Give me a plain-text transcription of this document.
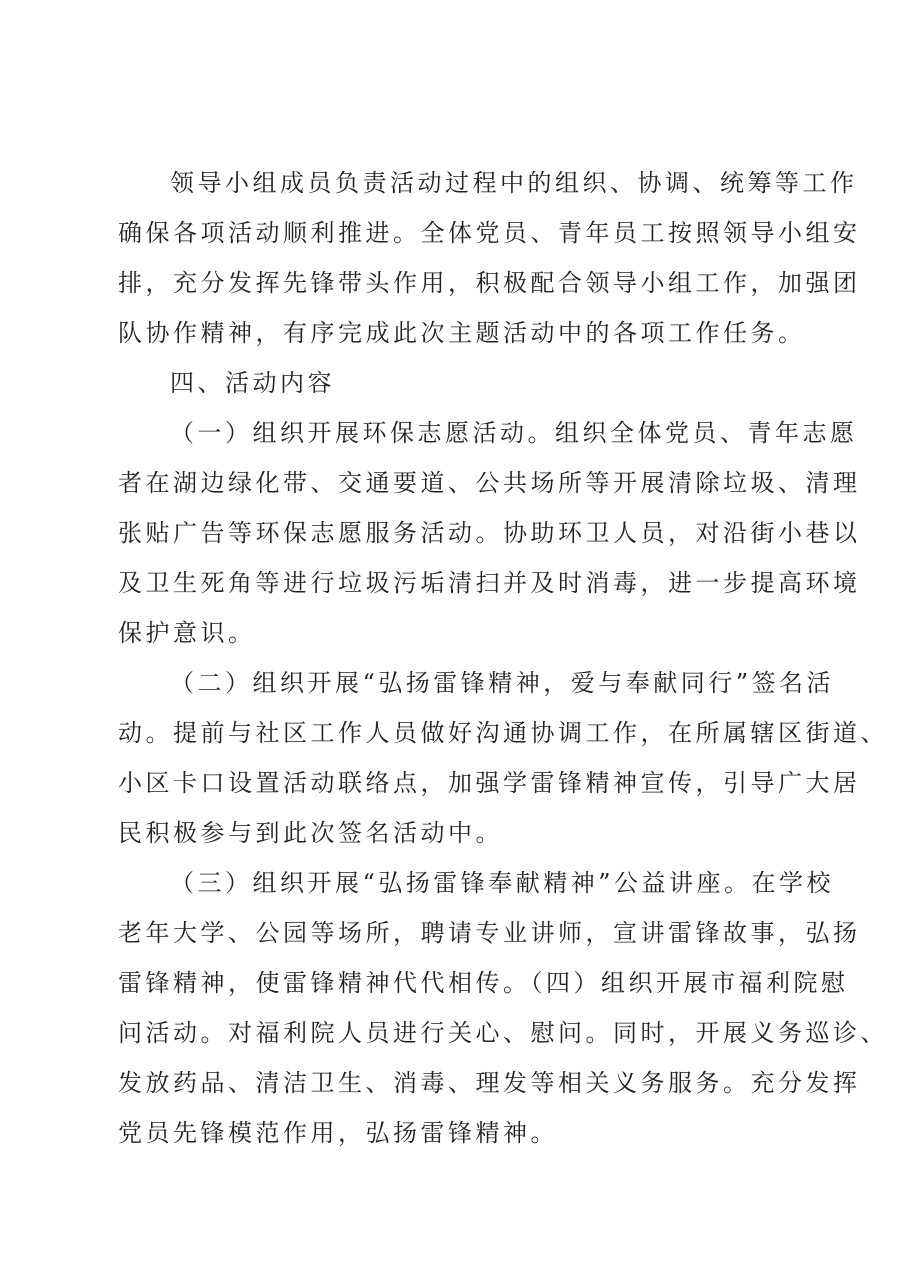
领导小组成员负责活动过程中的组织、协调、统筹等工作
确保各项活动顺利推进。全体党员、青年员工按照领导小组安
排，充分发挥先锋带头作用，积极配合领导小组工作，加强团
队协作精神，有序完成此次主题活动中的各项工作任务。
四、活动内容
（一）组织开展环保志愿活动。组织全体党员、青年志愿
者在湖边绿化带、交通要道、公共场所等开展清除垃圾、清理
张贴广告等环保志愿服务活动。协助环卫人员，对沿街小巷以
及卫生死角等进行垃圾污垢清扫并及时消毒，进一步提高环境
保护意识。
（二）组织开展“弘扬雷锋精神，爱与奉献同行”签名活
动。提前与社区工作人员做好沟通协调工作，在所属辖区街道、
小区卡口设置活动联络点，加强学雷锋精神宣传，引导广大居
民积极参与到此次签名活动中。
（三）组织开展“弘扬雷锋奉献精神”公益讲座。在学校
老年大学、公园等场所，聘请专业讲师，宣讲雷锋故事，弘扬
雷锋精神，使雷锋精神代代相传。（四）组织开展市福利院慰
问活动。对福利院人员进行关心、慰问。同时，开展义务巡诊、
发放药品、清洁卫生、消毒、理发等相关义务服务。充分发挥
党员先锋模范作用，弘扬雷锋精神。
